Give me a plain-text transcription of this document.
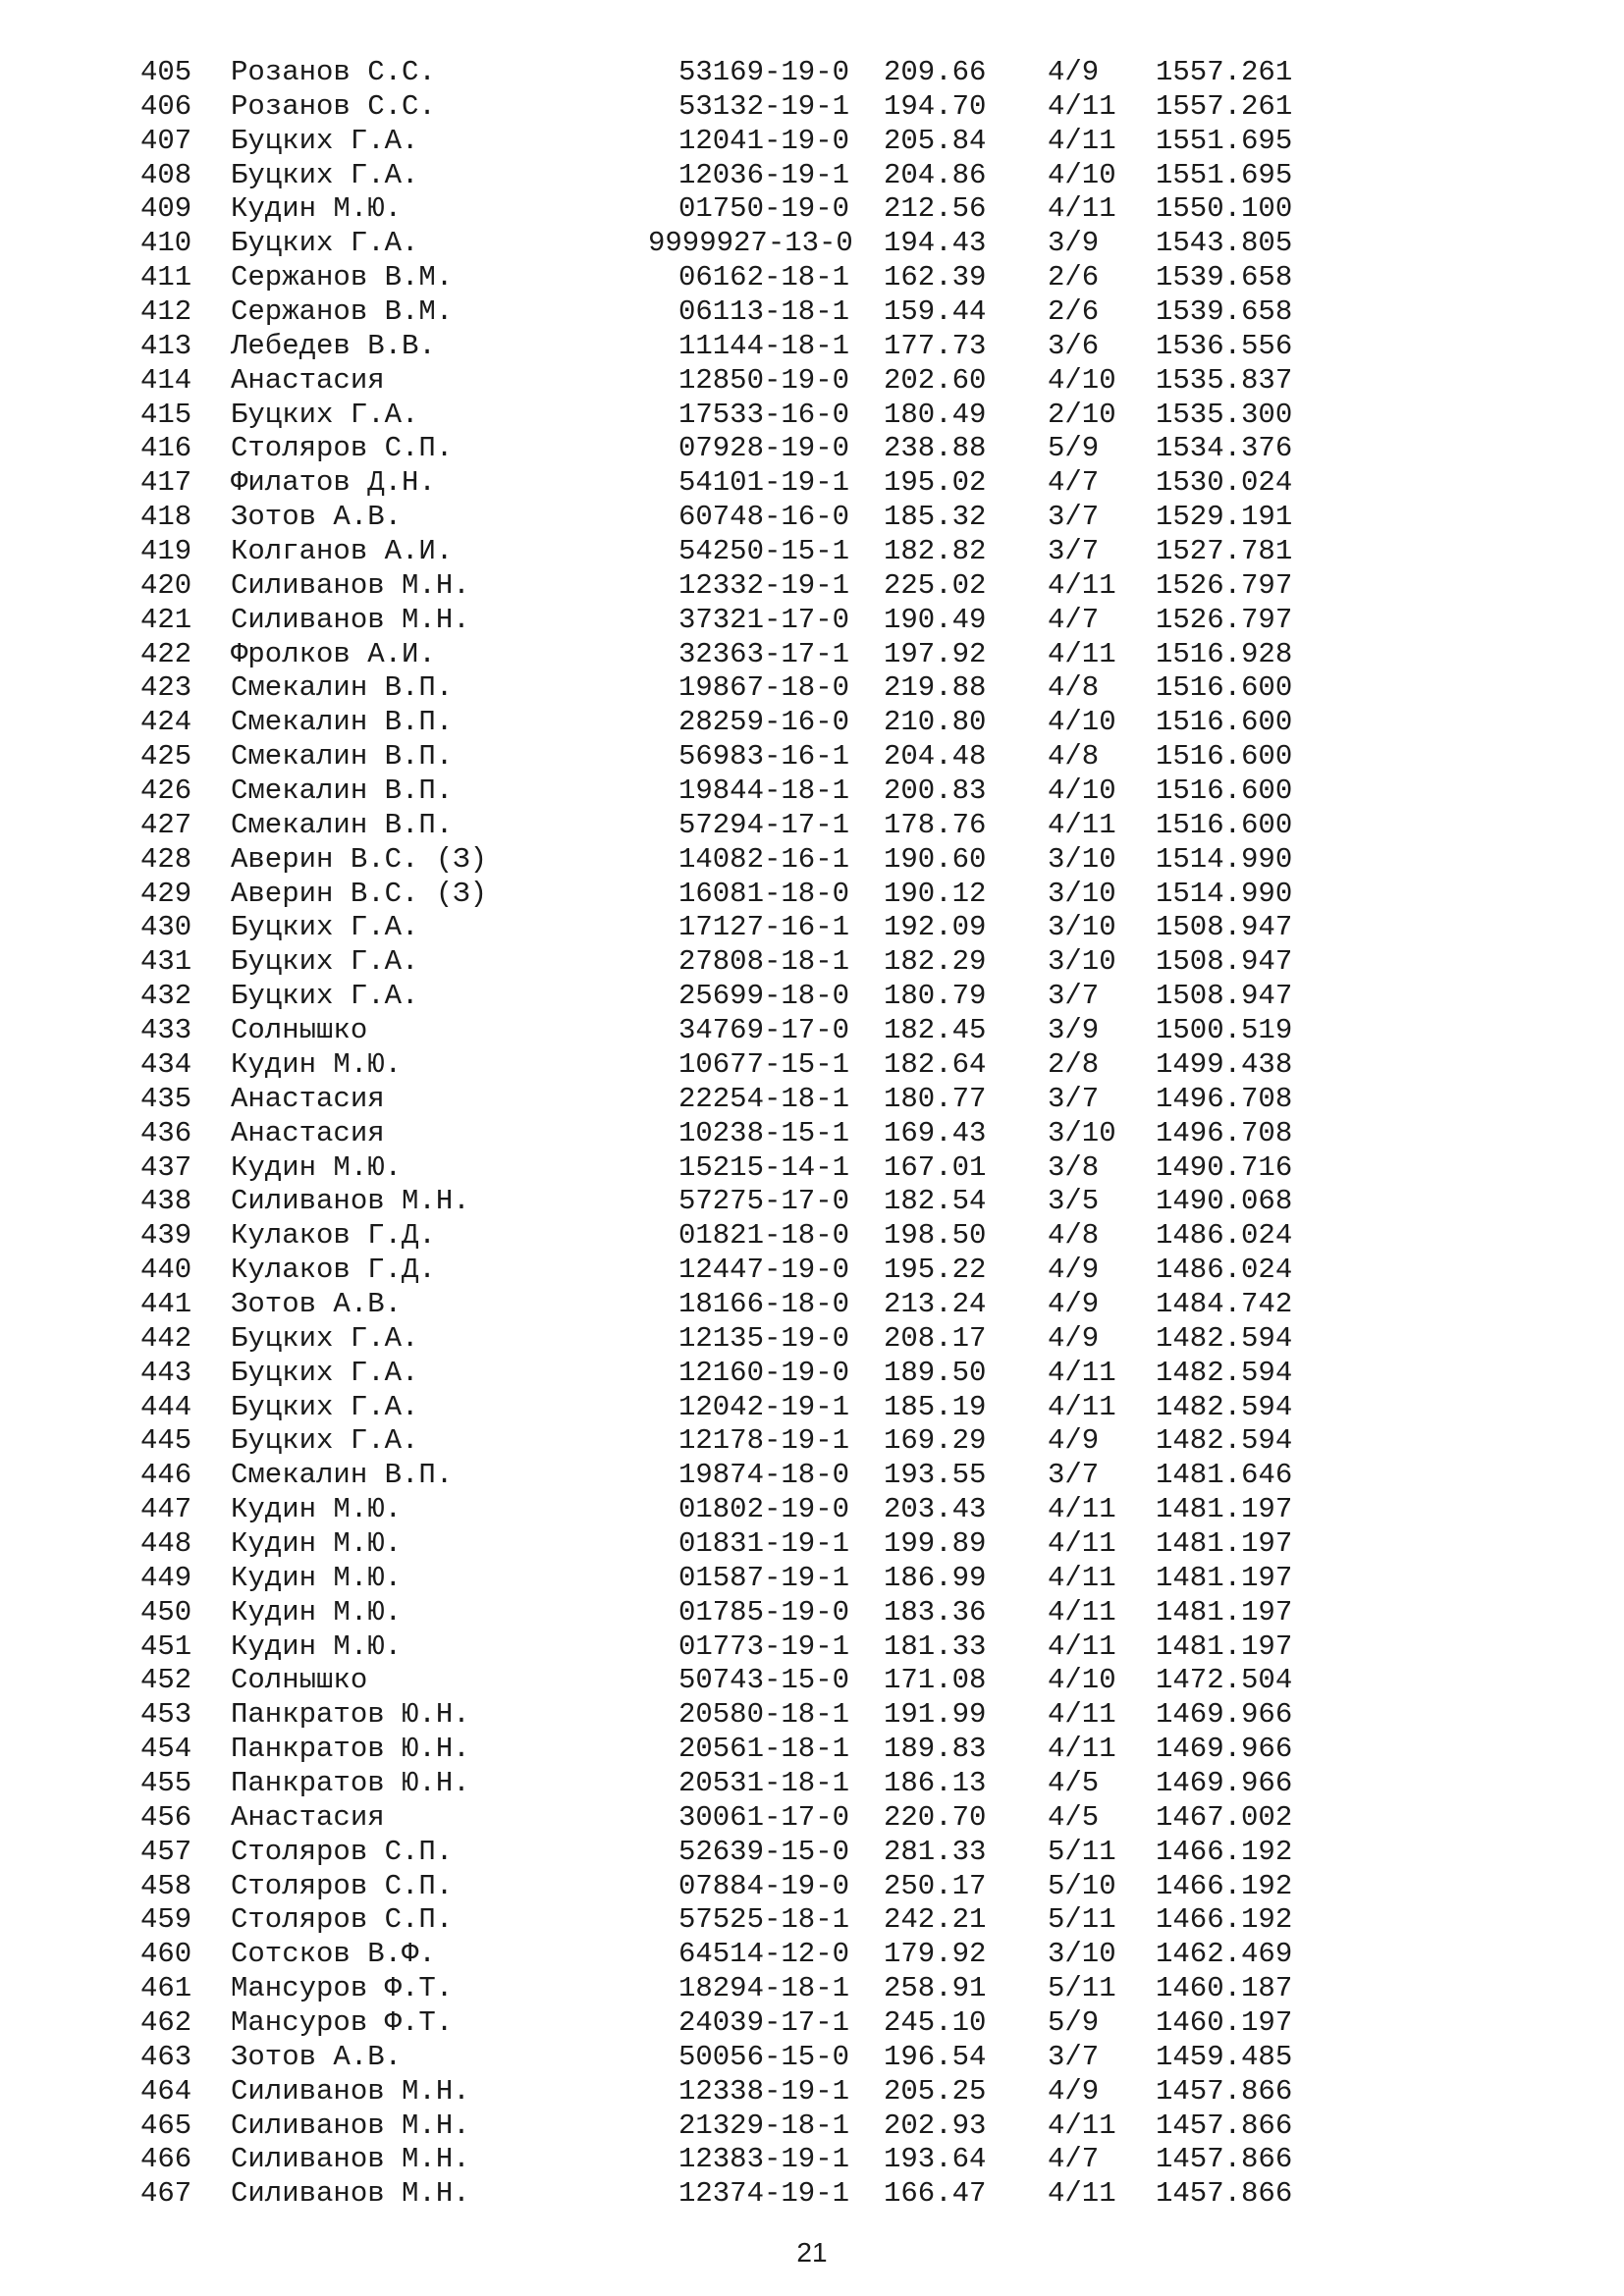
405 Розанов С.С.	53169-19-0 209.66 4/9 1557.261
406 Розанов С.С.	53132-19-1 194.70 4/11 1557.261
407 Буцких Г.А.	12041-19-0 205.84 4/11 1551.695
408 Буцких Г.А.	12036-19-1 204.86 4/10 1551.695
409 Кудин М.Ю.	01750-19-0 212.56 4/11 1550.100
410 Буцких Г.А.	9999927-13-0 194.43 3/9 1543.805
411 Сержанов В.М.	06162-18-1 162.39 2/6 1539.658
412 Сержанов В.М.	06113-18-1 159.44 2/6 1539.658
413 Лебедев В.В.	11144-18-1 177.73 3/6 1536.556
414 Анастасия	12850-19-0 202.60 4/10 1535.837
415 Буцких Г.А.	17533-16-0 180.49 2/10 1535.300
416 Столяров С.П.	07928-19-0 238.88 5/9 1534.376
417 Филатов Д.Н.	54101-19-1 195.02 4/7 1530.024
418 Зотов А.В.	60748-16-0 185.32 3/7 1529.191
419 Колганов А.И.	54250-15-1 182.82 3/7 1527.781
420 Силиванов М.Н.	12332-19-1 225.02 4/11 1526.797
421 Силиванов М.Н.	37321-17-0 190.49 4/7 1526.797
422 Фролков А.И.	32363-17-1 197.92 4/11 1516.928
423 Смекалин В.П.	19867-18-0 219.88 4/8 1516.600
424 Смекалин В.П.	28259-16-0 210.80 4/10 1516.600
425 Смекалин В.П.	56983-16-1 204.48 4/8 1516.600
426 Смекалин В.П.	19844-18-1 200.83 4/10 1516.600
427 Смекалин В.П.	57294-17-1 178.76 4/11 1516.600
428 Аверин В.С. (З)	14082-16-1 190.60 3/10 1514.990
429 Аверин В.С. (З)	16081-18-0 190.12 3/10 1514.990
430 Буцких Г.А.	17127-16-1 192.09 3/10 1508.947
431 Буцких Г.А.	27808-18-1 182.29 3/10 1508.947
432 Буцких Г.А.	25699-18-0 180.79 3/7 1508.947
433 Солнышко	34769-17-0 182.45 3/9 1500.519
434 Кудин М.Ю.	10677-15-1 182.64 2/8 1499.438
435 Анастасия	22254-18-1 180.77 3/7 1496.708
436 Анастасия	10238-15-1 169.43 3/10 1496.708
437 Кудин М.Ю.	15215-14-1 167.01 3/8 1490.716
438 Силиванов М.Н.	57275-17-0 182.54 3/5 1490.068
439 Кулаков Г.Д.	01821-18-0 198.50 4/8 1486.024
440 Кулаков Г.Д.	12447-19-0 195.22 4/9 1486.024
441 Зотов А.В.	18166-18-0 213.24 4/9 1484.742
442 Буцких Г.А.	12135-19-0 208.17 4/9 1482.594
443 Буцких Г.А.	12160-19-0 189.50 4/11 1482.594
444 Буцких Г.А.	12042-19-1 185.19 4/11 1482.594
445 Буцких Г.А.	12178-19-1 169.29 4/9 1482.594
446 Смекалин В.П.	19874-18-0 193.55 3/7 1481.646
447 Кудин М.Ю.	01802-19-0 203.43 4/11 1481.197
448 Кудин М.Ю.	01831-19-1 199.89 4/11 1481.197
449 Кудин М.Ю.	01587-19-1 186.99 4/11 1481.197
450 Кудин М.Ю.	01785-19-0 183.36 4/11 1481.197
451 Кудин М.Ю.	01773-19-1 181.33 4/11 1481.197
452 Солнышко	50743-15-0 171.08 4/10 1472.504
453 Панкратов Ю.Н.	20580-18-1 191.99 4/11 1469.966
454 Панкратов Ю.Н.	20561-18-1 189.83 4/11 1469.966
455 Панкратов Ю.Н.	20531-18-1 186.13 4/5 1469.966
456 Анастасия	30061-17-0 220.70 4/5 1467.002
457 Столяров С.П.	52639-15-0 281.33 5/11 1466.192
458 Столяров С.П.	07884-19-0 250.17 5/10 1466.192
459 Столяров С.П.	57525-18-1 242.21 5/11 1466.192
460 Сотсков В.Ф.	64514-12-0 179.92 3/10 1462.469
461 Мансуров Ф.Т.	18294-18-1 258.91 5/11 1460.187
462 Мансуров Ф.Т.	24039-17-1 245.10 5/9 1460.197
463 Зотов А.В.	50056-15-0 196.54 3/7 1459.485
464 Силиванов М.Н.	12338-19-1 205.25 4/9 1457.866
465 Силиванов М.Н.	21329-18-1 202.93 4/11 1457.866
466 Силиванов М.Н.	12383-19-1 193.64 4/7 1457.866
467 Силиванов М.Н.	12374-19-1 166.47 4/11 1457.866
21
